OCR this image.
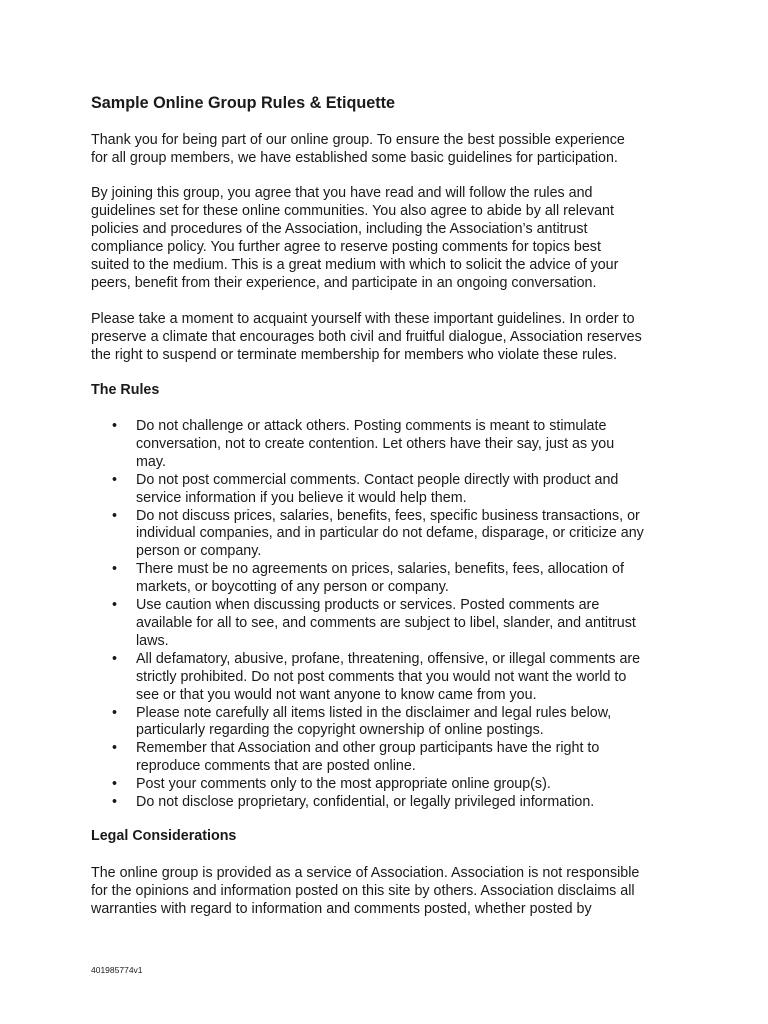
Sample Online Group Rules & Etiquette

Thank you for being part of our online group. To ensure the best possible experience
for all group members, we have established some basic guidelines for participation.

By joining this group, you agree that you have read and will follow the rules and
guidelines set for these online communities. You also agree to abide by all relevant
policies and procedures of the Association, including the Association’s antitrust
compliance policy. You further agree to reserve posting comments for topics best
suited to the medium. This is a great medium with which to solicit the advice of your
peers, benefit from their experience, and participate in an ongoing conversation.

Please take a moment to acquaint yourself with these important guidelines. In order to
preserve a climate that encourages both civil and fruitful dialogue, Association reserves
the right to suspend or terminate membership for members who violate these rules.

The Rules
• Do not challenge or attack others. Posting comments is meant to stimulate
conversation, not to create contention. Let others have their say, just as you
may.
• Do not post commercial comments. Contact people directly with product and
service information if you believe it would help them.
• Do not discuss prices, salaries, benefits, fees, specific business transactions, or
individual companies, and in particular do not defame, disparage, or criticize any
person or company.
• There must be no agreements on prices, salaries, benefits, fees, allocation of
markets, or boycotting of any person or company.
• Use caution when discussing products or services. Posted comments are
available for all to see, and comments are subject to libel, slander, and antitrust
laws.
• All defamatory, abusive, profane, threatening, offensive, or illegal comments are
strictly prohibited. Do not post comments that you would not want the world to
see or that you would not want anyone to know came from you.
• Please note carefully all items listed in the disclaimer and legal rules below,
particularly regarding the copyright ownership of online postings.
• Remember that Association and other group participants have the right to
reproduce comments that are posted online.
• Post your comments only to the most appropriate online group(s).
• Do not disclose proprietary, confidential, or legally privileged information.
Legal Considerations

The online group is provided as a service of Association. Association is not responsible
for the opinions and information posted on this site by others. Association disclaims all
warranties with regard to information and comments posted, whether posted by

401985774v1
